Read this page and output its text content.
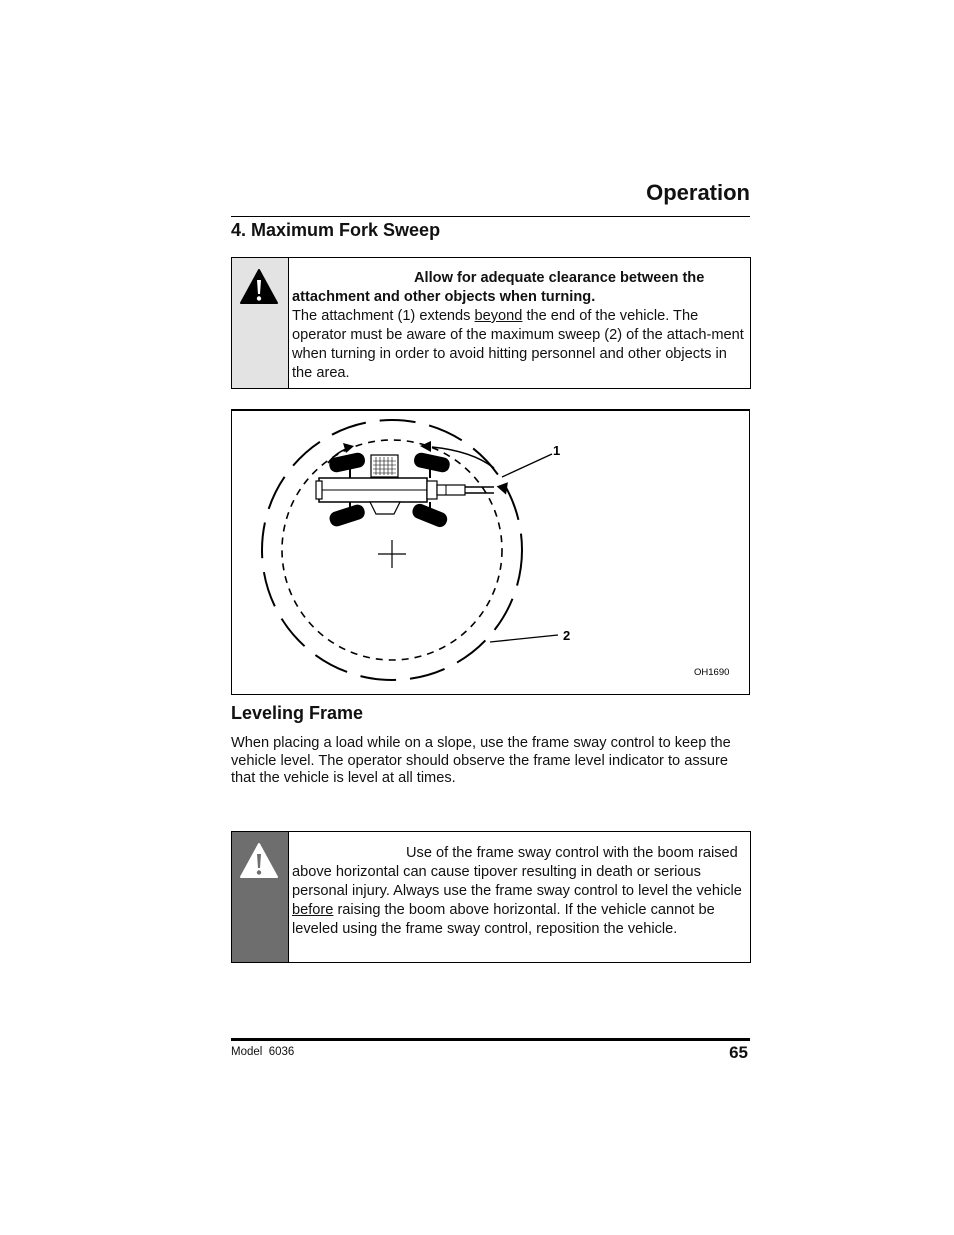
Operation
4. Maximum Fork Sweep
Allow for adequate clearance between the attachment and other objects when turning.
The attachment (1) extends beyond the end of the vehicle. The operator must be aware of the maximum sweep (2) of the attach-ment when turning in order to avoid hitting personnel and other objects in the area.
1
2
OH1690
Leveling Frame
When placing a load while on a slope, use the frame sway control to keep the vehicle level. The operator should observe the frame level indicator to assure that the vehicle is level at all times.
Use of the frame sway control with the boom raised above horizontal can cause tipover resulting in death or serious personal injury. Always use the frame sway control to level the vehicle before raising the boom above horizontal. If the vehicle cannot be leveled using the frame sway control, reposition the vehicle.
Model  6036	65
